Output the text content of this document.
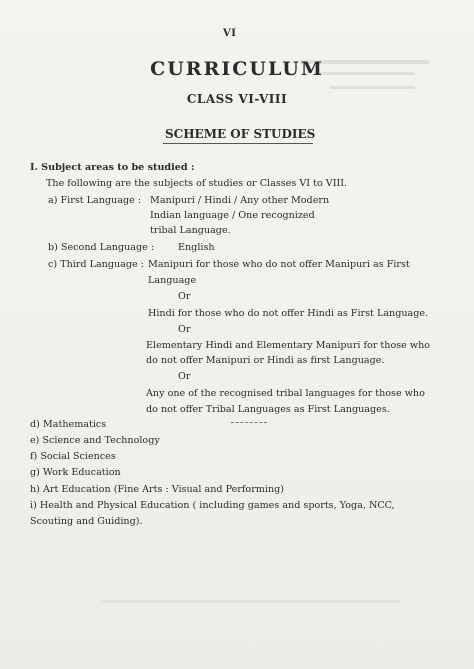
VI
CURRICULUM
CLASS VI-VIII
SCHEME OF STUDIES
I. Subject areas to be studied :
The following are the subjects of studies or Classes VI to VIII.
a) First Language : Manipuri / Hindi / Any other Modern
Indian language / One recognized
tribal Language.
b) Second Language : English
c) Third Language : Manipuri for those who do not offer Manipuri as First
Language
Or
Hindi for those who do not offer Hindi as First Language.
Or
Elementary Hindi and Elementary Manipuri for those who
do not offer Manipuri or Hindi as first Language.
Or
Any one of the recognised tribal languages for those who
do not offer Tribal Languages as First Languages.
d) Mathematics
e) Science and Technology
f) Social Sciences
g) Work Education
h) Art Education (Fine Arts : Visual and Performing)
i) Health and Physical Education ( including games and sports, Yoga, NCC,
Scouting and Guiding).
